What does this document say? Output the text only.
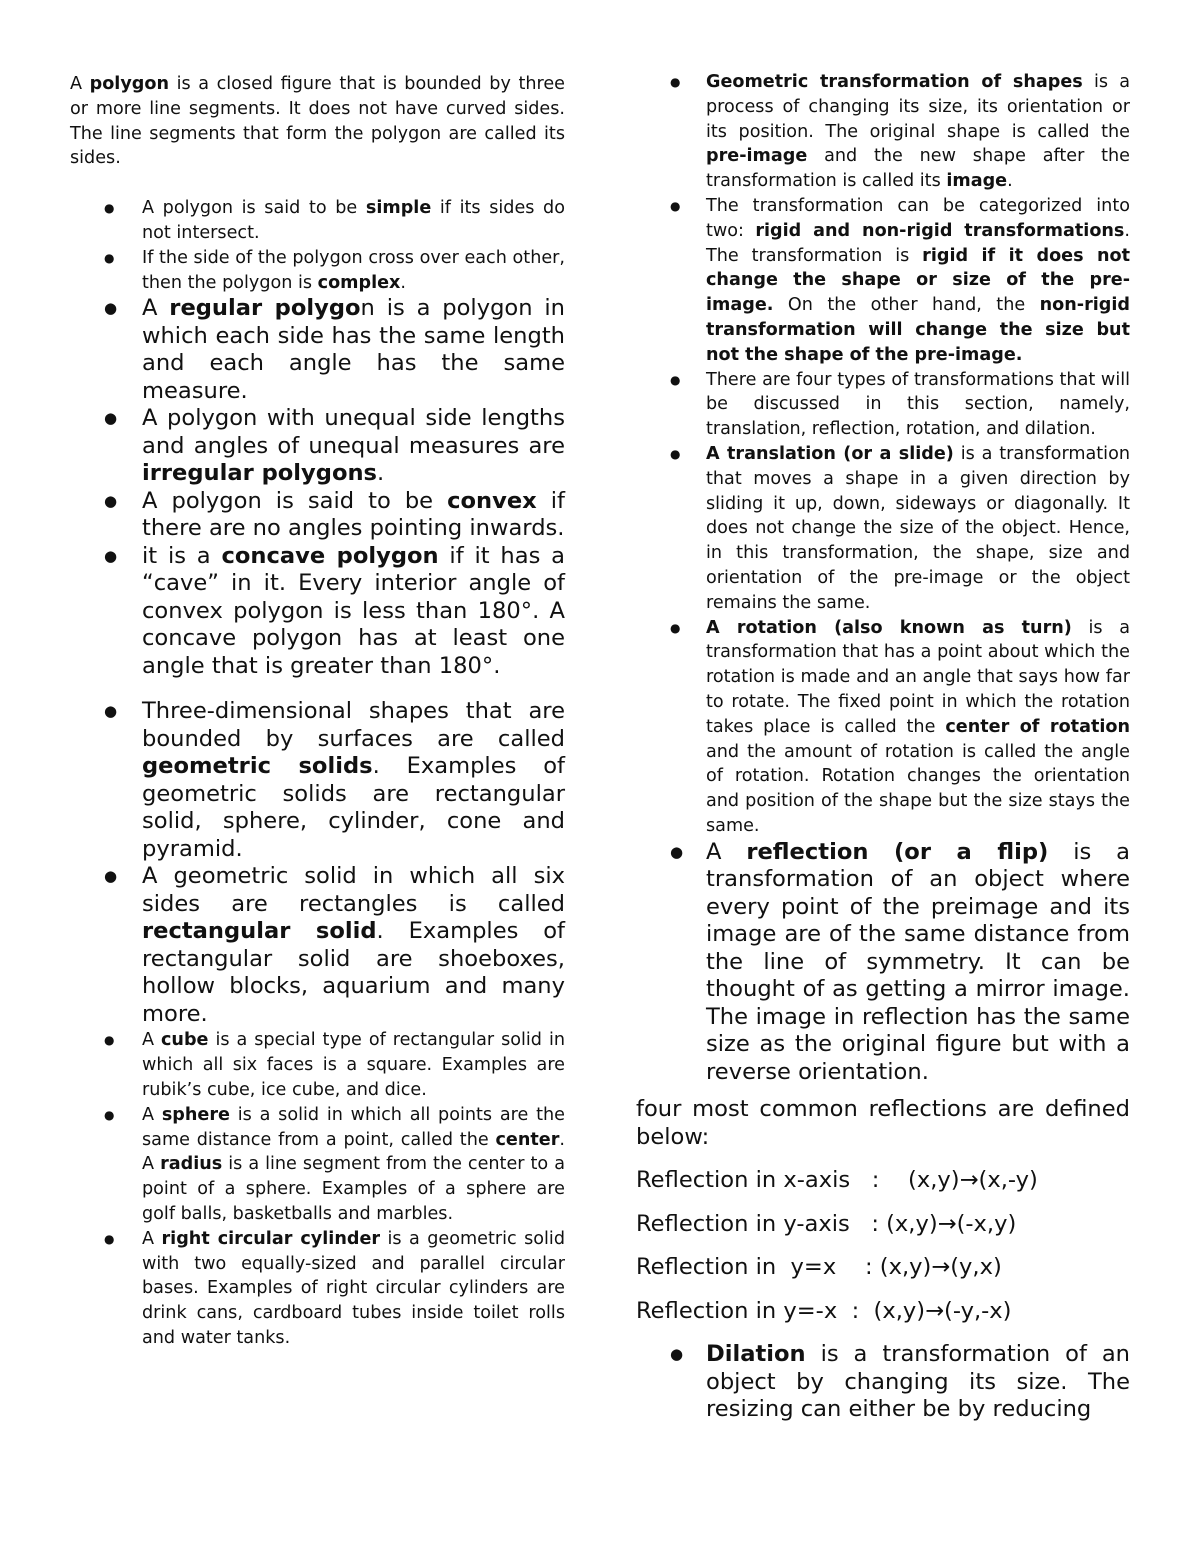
A polygon is a closed figure that is bounded by three or more line segments. It does not have curved sides. The line segments that form the polygon are called its sides.

● A polygon is said to be simple if its sides do not intersect.
● If the side of the polygon cross over each other, then the polygon is complex.
● A regular polygon is a polygon in which each side has the same length and each angle has the same measure.
● A polygon with unequal side lengths and angles of unequal measures are irregular polygons.
● A polygon is said to be convex if there are no angles pointing inwards.
● it is a concave polygon if it has a “cave” in it. Every interior angle of convex polygon is less than 180°. A concave polygon has at least one angle that is greater than 180°.
● Three-dimensional shapes that are bounded by surfaces are called geometric solids. Examples of geometric solids are rectangular solid, sphere, cylinder, cone and pyramid.
● A geometric solid in which all six sides are rectangles is called rectangular solid. Examples of rectangular solid are shoeboxes, hollow blocks, aquarium and many more.
● A cube is a special type of rectangular solid in which all six faces is a square. Examples are rubik’s cube, ice cube, and dice.
● A sphere is a solid in which all points are the same distance from a point, called the center. A radius is a line segment from the center to a point of a sphere. Examples of a sphere are golf balls, basketballs and marbles.
● A right circular cylinder is a geometric solid with two equally-sized and parallel circular bases. Examples of right circular cylinders are drink cans, cardboard tubes inside toilet rolls and water tanks.
● Geometric transformation of shapes is a process of changing its size, its orientation or its position. The original shape is called the pre-image and the new shape after the transformation is called its image.
● The transformation can be categorized into two: rigid and non-rigid transformations. The transformation is rigid if it does not change the shape or size of the pre-image. On the other hand, the non-rigid transformation will change the size but not the shape of the pre-image.
● There are four types of transformations that will be discussed in this section, namely, translation, reflection, rotation, and dilation.
● A translation (or a slide) is a transformation that moves a shape in a given direction by sliding it up, down, sideways or diagonally. It does not change the size of the object. Hence, in this transformation, the shape, size and orientation of the pre-image or the object remains the same.
● A rotation (also known as turn) is a transformation that has a point about which the rotation is made and an angle that says how far to rotate. The fixed point in which the rotation takes place is called the center of rotation and the amount of rotation is called the angle of rotation. Rotation changes the orientation and position of the shape but the size stays the same.
● A reflection (or a flip) is a transformation of an object where every point of the preimage and its image are of the same distance from the line of symmetry. It can be thought of as getting a mirror image. The image in reflection has the same size as the original figure but with a reverse orientation.

four most common reflections are defined below:

Reflection in x-axis   :    (x,y)→(x,-y)

Reflection in y-axis   : (x,y)→(-x,y)

Reflection in  y=x    : (x,y)→(y,x)

Reflection in y=-x  :  (x,y)→(-y,-x)

● Dilation is a transformation of an object by changing its size. The resizing can either be by reducing
